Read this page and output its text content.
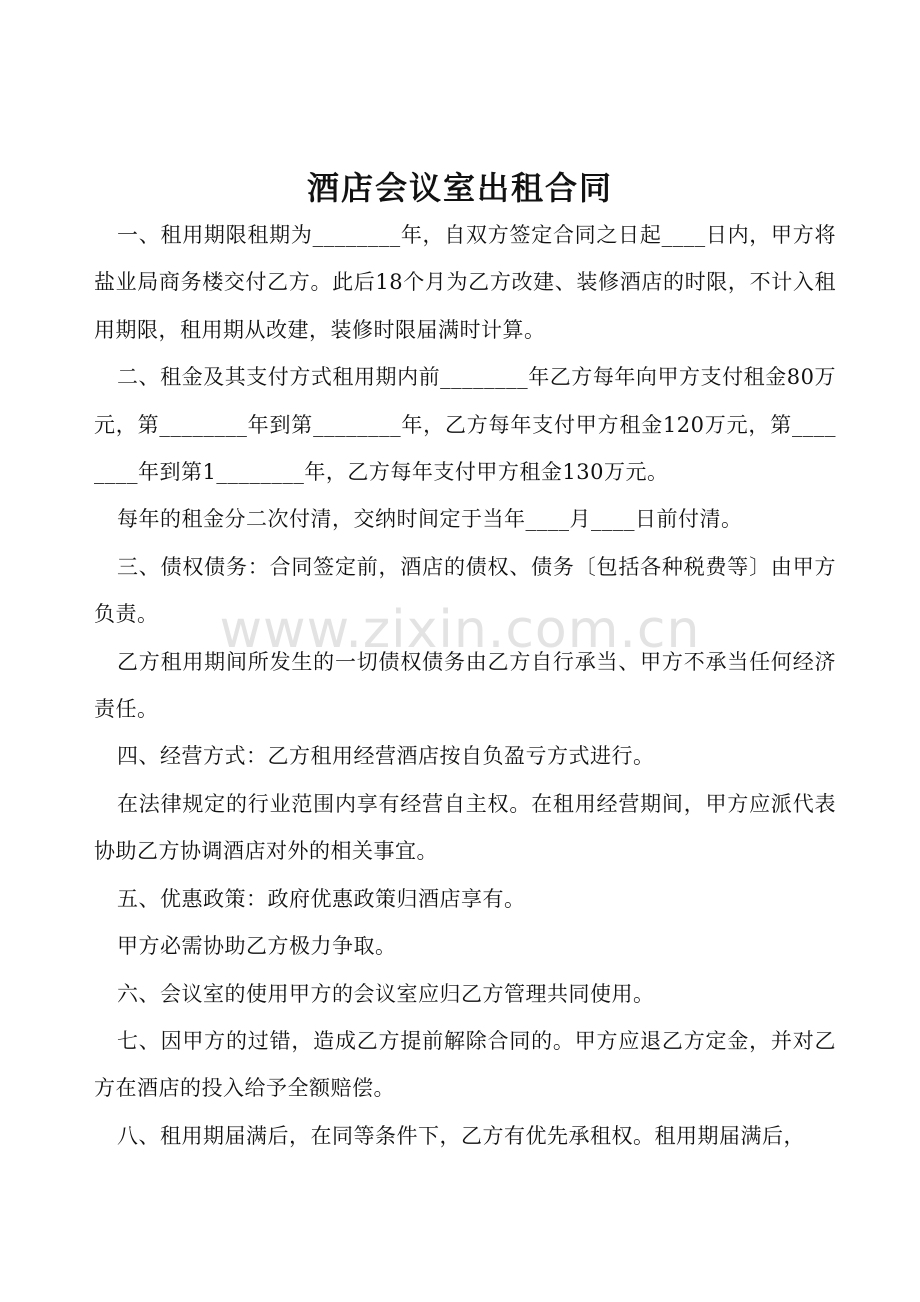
酒店会议室出租合同

一、租用期限租期为________年，自双方签定合同之日起____日内，甲方将盐业局商务楼交付乙方。此后18个月为乙方改建、装修酒店的时限，不计入租用期限，租用期从改建，装修时限届满时计算。

二、租金及其支付方式租用期内前________年乙方每年向甲方支付租金80万元，第________年到第________年，乙方每年支付甲方租金120万元，第________年到第1________年，乙方每年支付甲方租金130万元。

每年的租金分二次付清，交纳时间定于当年____月____日前付清。

三、债权债务：合同签定前，酒店的债权、债务〔包括各种税费等〕由甲方负责。

乙方租用期间所发生的一切债权债务由乙方自行承当、甲方不承当任何经济责任。

四、经营方式：乙方租用经营酒店按自负盈亏方式进行。

在法律规定的行业范围内享有经营自主权。在租用经营期间，甲方应派代表协助乙方协调酒店对外的相关事宜。

五、优惠政策：政府优惠政策归酒店享有。

甲方必需协助乙方极力争取。

六、会议室的使用甲方的会议室应归乙方管理共同使用。

七、因甲方的过错，造成乙方提前解除合同的。甲方应退乙方定金，并对乙方在酒店的投入给予全额赔偿。

八、租用期届满后，在同等条件下，乙方有优先承租权。租用期届满后，

www.zixin.com.cn
